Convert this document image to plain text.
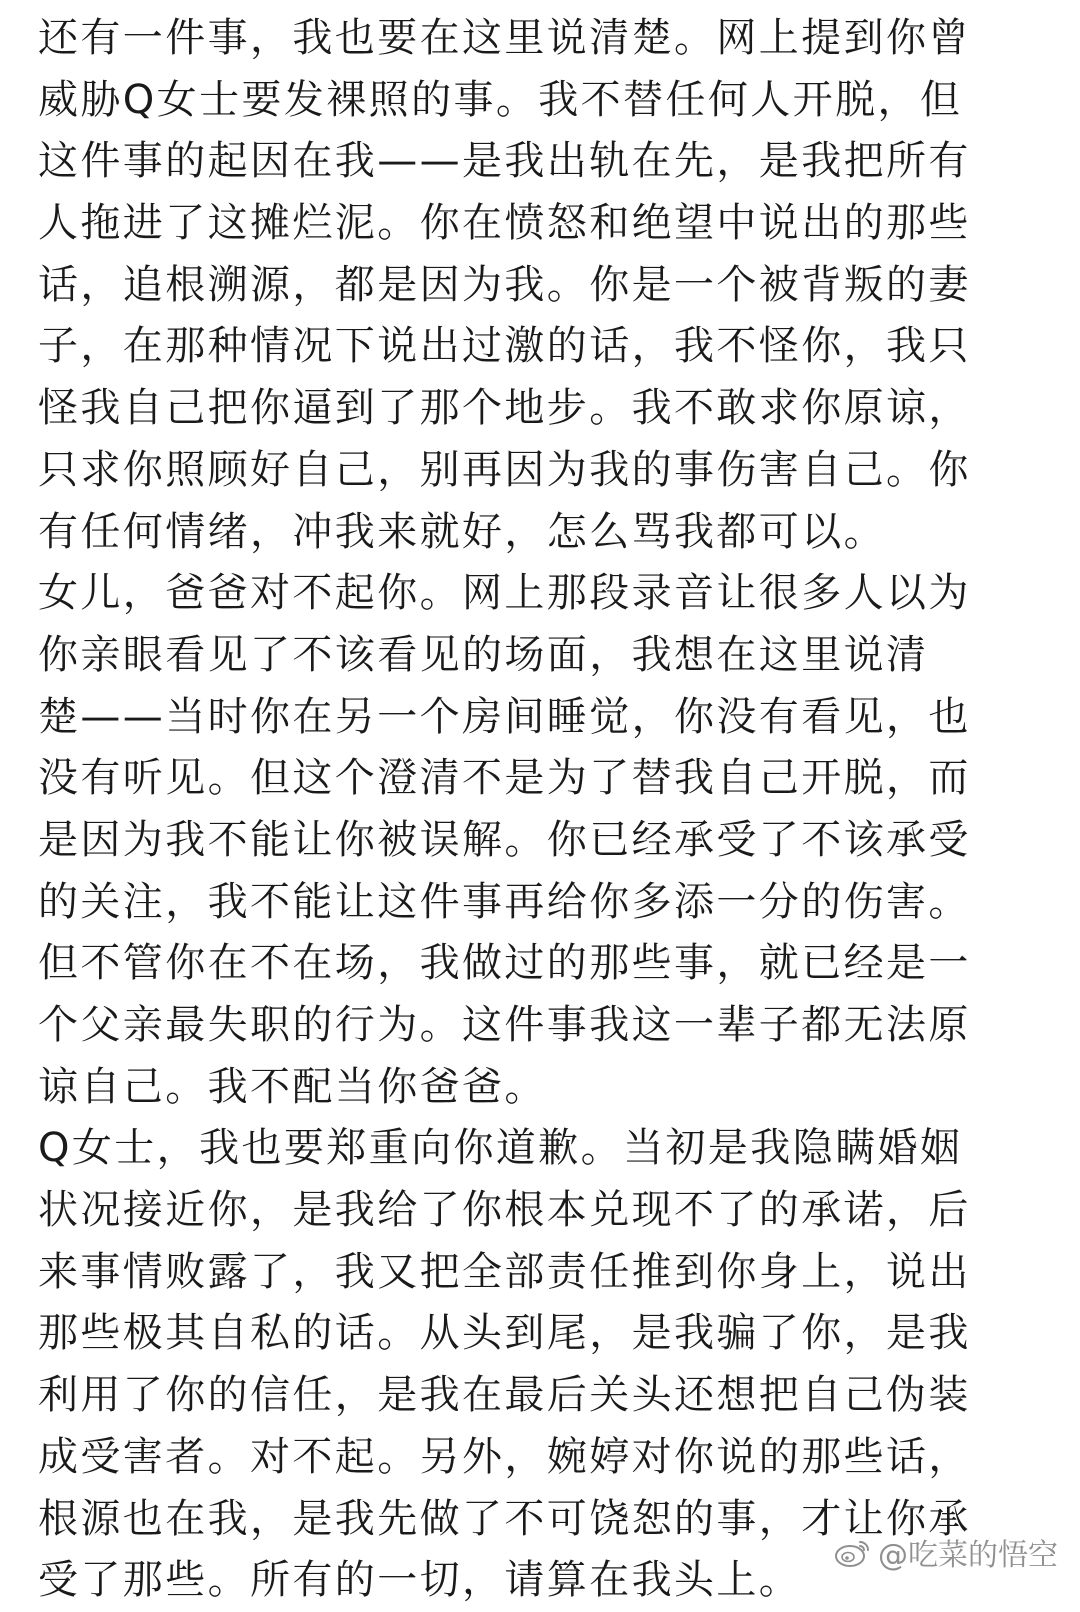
还有一件事，我也要在这里说清楚。网上提到你曾
威胁Q女士要发裸照的事。我不替任何人开脱，但
这件事的起因在我——是我出轨在先，是我把所有
人拖进了这摊烂泥。你在愤怒和绝望中说出的那些
话，追根溯源，都是因为我。你是一个被背叛的妻
子，在那种情况下说出过激的话，我不怪你，我只
怪我自己把你逼到了那个地步。我不敢求你原谅，
只求你照顾好自己，别再因为我的事伤害自己。你
有任何情绪，冲我来就好，怎么骂我都可以。
女儿，爸爸对不起你。网上那段录音让很多人以为
你亲眼看见了不该看见的场面，我想在这里说清
楚——当时你在另一个房间睡觉，你没有看见，也
没有听见。但这个澄清不是为了替我自己开脱，而
是因为我不能让你被误解。你已经承受了不该承受
的关注，我不能让这件事再给你多添一分的伤害。
但不管你在不在场，我做过的那些事，就已经是一
个父亲最失职的行为。这件事我这一辈子都无法原
谅自己。我不配当你爸爸。
Q女士，我也要郑重向你道歉。当初是我隐瞒婚姻
状况接近你，是我给了你根本兑现不了的承诺，后
来事情败露了，我又把全部责任推到你身上，说出
那些极其自私的话。从头到尾，是我骗了你，是我
利用了你的信任，是我在最后关头还想把自己伪装
成受害者。对不起。另外，婉婷对你说的那些话，
根源也在我，是我先做了不可饶恕的事，才让你承
受了那些。所有的一切，请算在我头上。
@吃菜的悟空
